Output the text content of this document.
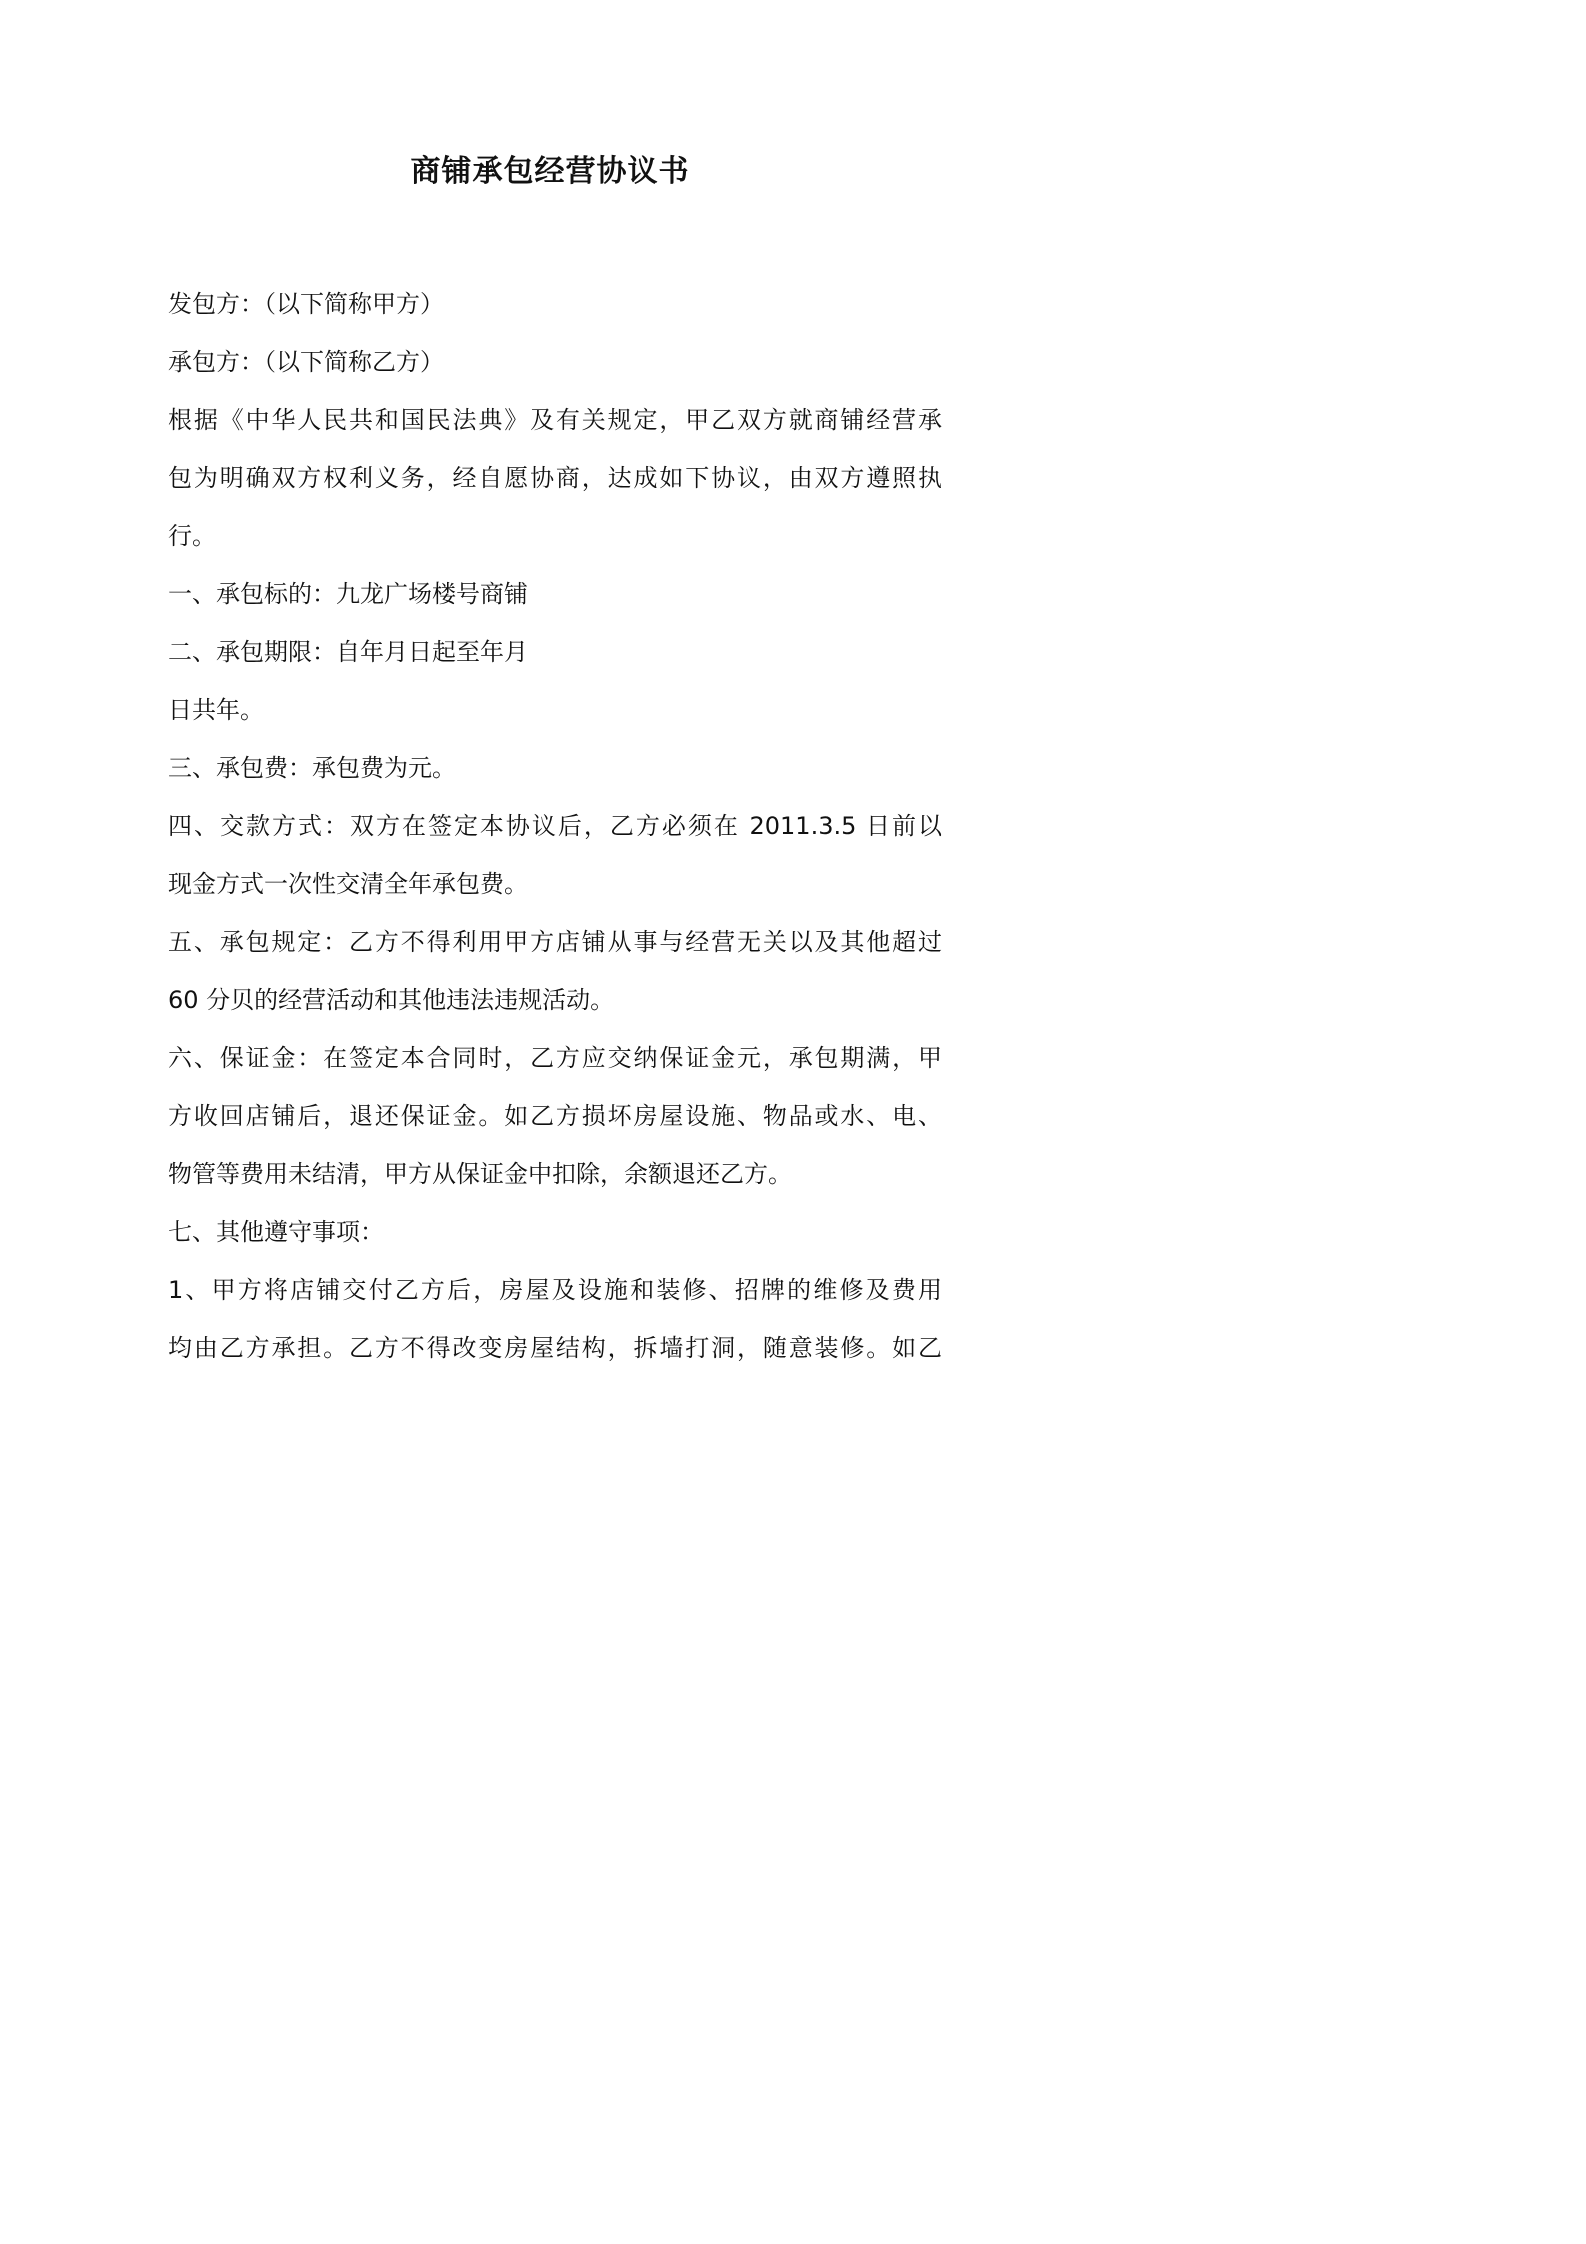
商铺承包经营协议书
发包方：（以下简称甲方）
承包方：（以下简称乙方）
根据《中华人民共和国民法典》及有关规定，甲乙双方就商铺经营承
包为明确双方权利义务，经自愿协商，达成如下协议，由双方遵照执
行。
一、承包标的：九龙广场楼号商铺
二、承包期限：自年月日起至年月
日共年。
三、承包费：承包费为元。
四、交款方式：双方在签定本协议后，乙方必须在 2011.3.5 日前以
现金方式一次性交清全年承包费。
五、承包规定：乙方不得利用甲方店铺从事与经营无关以及其他超过
60 分贝的经营活动和其他违法违规活动。
六、保证金：在签定本合同时，乙方应交纳保证金元，承包期满，甲
方收回店铺后，退还保证金。如乙方损坏房屋设施、物品或水、电、
物管等费用未结清，甲方从保证金中扣除，余额退还乙方。
七、其他遵守事项：
1、甲方将店铺交付乙方后，房屋及设施和装修、招牌的维修及费用
均由乙方承担。乙方不得改变房屋结构，拆墙打洞，随意装修。如乙
